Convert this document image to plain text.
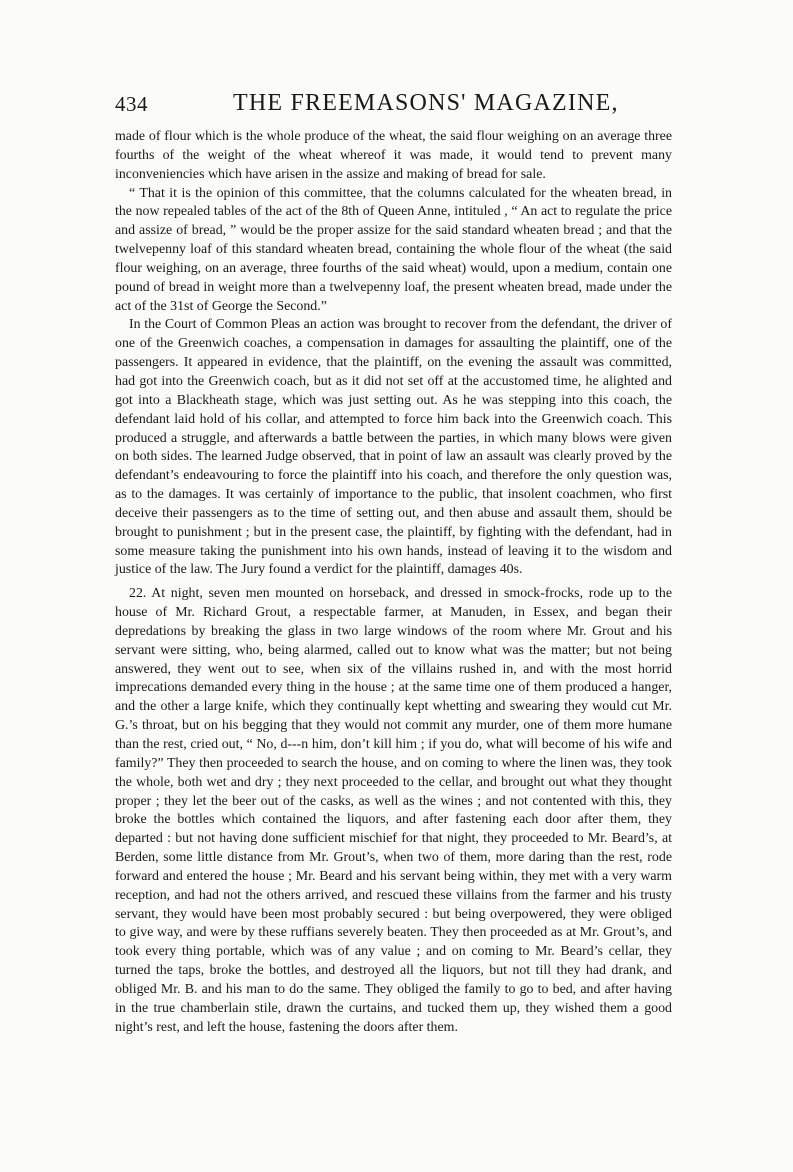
434	THE FREEMASONS' MAGAZINE,

made of flour which is the whole produce of the wheat, the said flour weighing on an average three fourths of the weight of the wheat whereof it was made, it would tend to prevent many inconveniencies which have arisen in the assize and making of bread for sale.

“ That it is the opinion of this committee, that the columns calculated for the wheaten bread, in the now repealed tables of the act of the 8th of Queen Anne, intituled , “ An act to regulate the price and assize of bread, ” would be the proper assize for the said standard wheaten bread ; and that the twelvepenny loaf of this standard wheaten bread, containing the whole flour of the wheat (the said flour weighing, on an average, three fourths of the said wheat) would, upon a medium, contain one pound of bread in weight more than a twelvepenny loaf, the present wheaten bread, made under the act of the 31st of George the Second.”

In the Court of Common Pleas an action was brought to recover from the defendant, the driver of one of the Greenwich coaches, a compensation in damages for assaulting the plaintiff, one of the passengers. It appeared in evidence, that the plaintiff, on the evening the assault was committed, had got into the Greenwich coach, but as it did not set off at the accustomed time, he alighted and got into a Blackheath stage, which was just setting out. As he was stepping into this coach, the defendant laid hold of his collar, and attempted to force him back into the Greenwich coach. This produced a struggle, and afterwards a battle between the parties, in which many blows were given on both sides. The learned Judge observed, that in point of law an assault was clearly proved by the defendant’s endeavouring to force the plaintiff into his coach, and therefore the only question was, as to the damages. It was certainly of importance to the public, that insolent coachmen, who first deceive their passengers as to the time of setting out, and then abuse and assault them, should be brought to punishment ; but in the present case, the plaintiff, by fighting with the defendant, had in some measure taking the punishment into his own hands, instead of leaving it to the wisdom and justice of the law. The Jury found a verdict for the plaintiff, damages 40s.

22. At night, seven men mounted on horseback, and dressed in smock-frocks, rode up to the house of Mr. Richard Grout, a respectable farmer, at Manuden, in Essex, and began their depredations by breaking the glass in two large windows of the room where Mr. Grout and his servant were sitting, who, being alarmed, called out to know what was the matter; but not being answered, they went out to see, when six of the villains rushed in, and with the most horrid imprecations demanded every thing in the house ; at the same time one of them produced a hanger, and the other a large knife, which they continually kept whetting and swearing they would cut Mr. G.’s throat, but on his begging that they would not commit any murder, one of them more humane than the rest, cried out, “ No, d---n him, don’t kill him ; if you do, what will become of his wife and family?” They then proceeded to search the house, and on coming to where the linen was, they took the whole, both wet and dry ; they next proceeded to the cellar, and brought out what they thought proper ; they let the beer out of the casks, as well as the wines ; and not contented with this, they broke the bottles which contained the liquors, and after fastening each door after them, they departed : but not having done sufficient mischief for that night, they proceeded to Mr. Beard’s, at Berden, some little distance from Mr. Grout’s, when two of them, more daring than the rest, rode forward and entered the house ; Mr. Beard and his servant being within, they met with a very warm reception, and had not the others arrived, and rescued these villains from the farmer and his trusty servant, they would have been most probably secured : but being overpowered, they were obliged to give way, and were by these ruffians severely beaten. They then proceeded as at Mr. Grout’s, and took every thing portable, which was of any value ; and on coming to Mr. Beard’s cellar, they turned the taps, broke the bottles, and destroyed all the liquors, but not till they had drank, and obliged Mr. B. and his man to do the same. They obliged the family to go to bed, and after having in the true chamberlain stile, drawn the curtains, and tucked them up, they wished them a good night’s rest, and left the house, fastening the doors after them.
